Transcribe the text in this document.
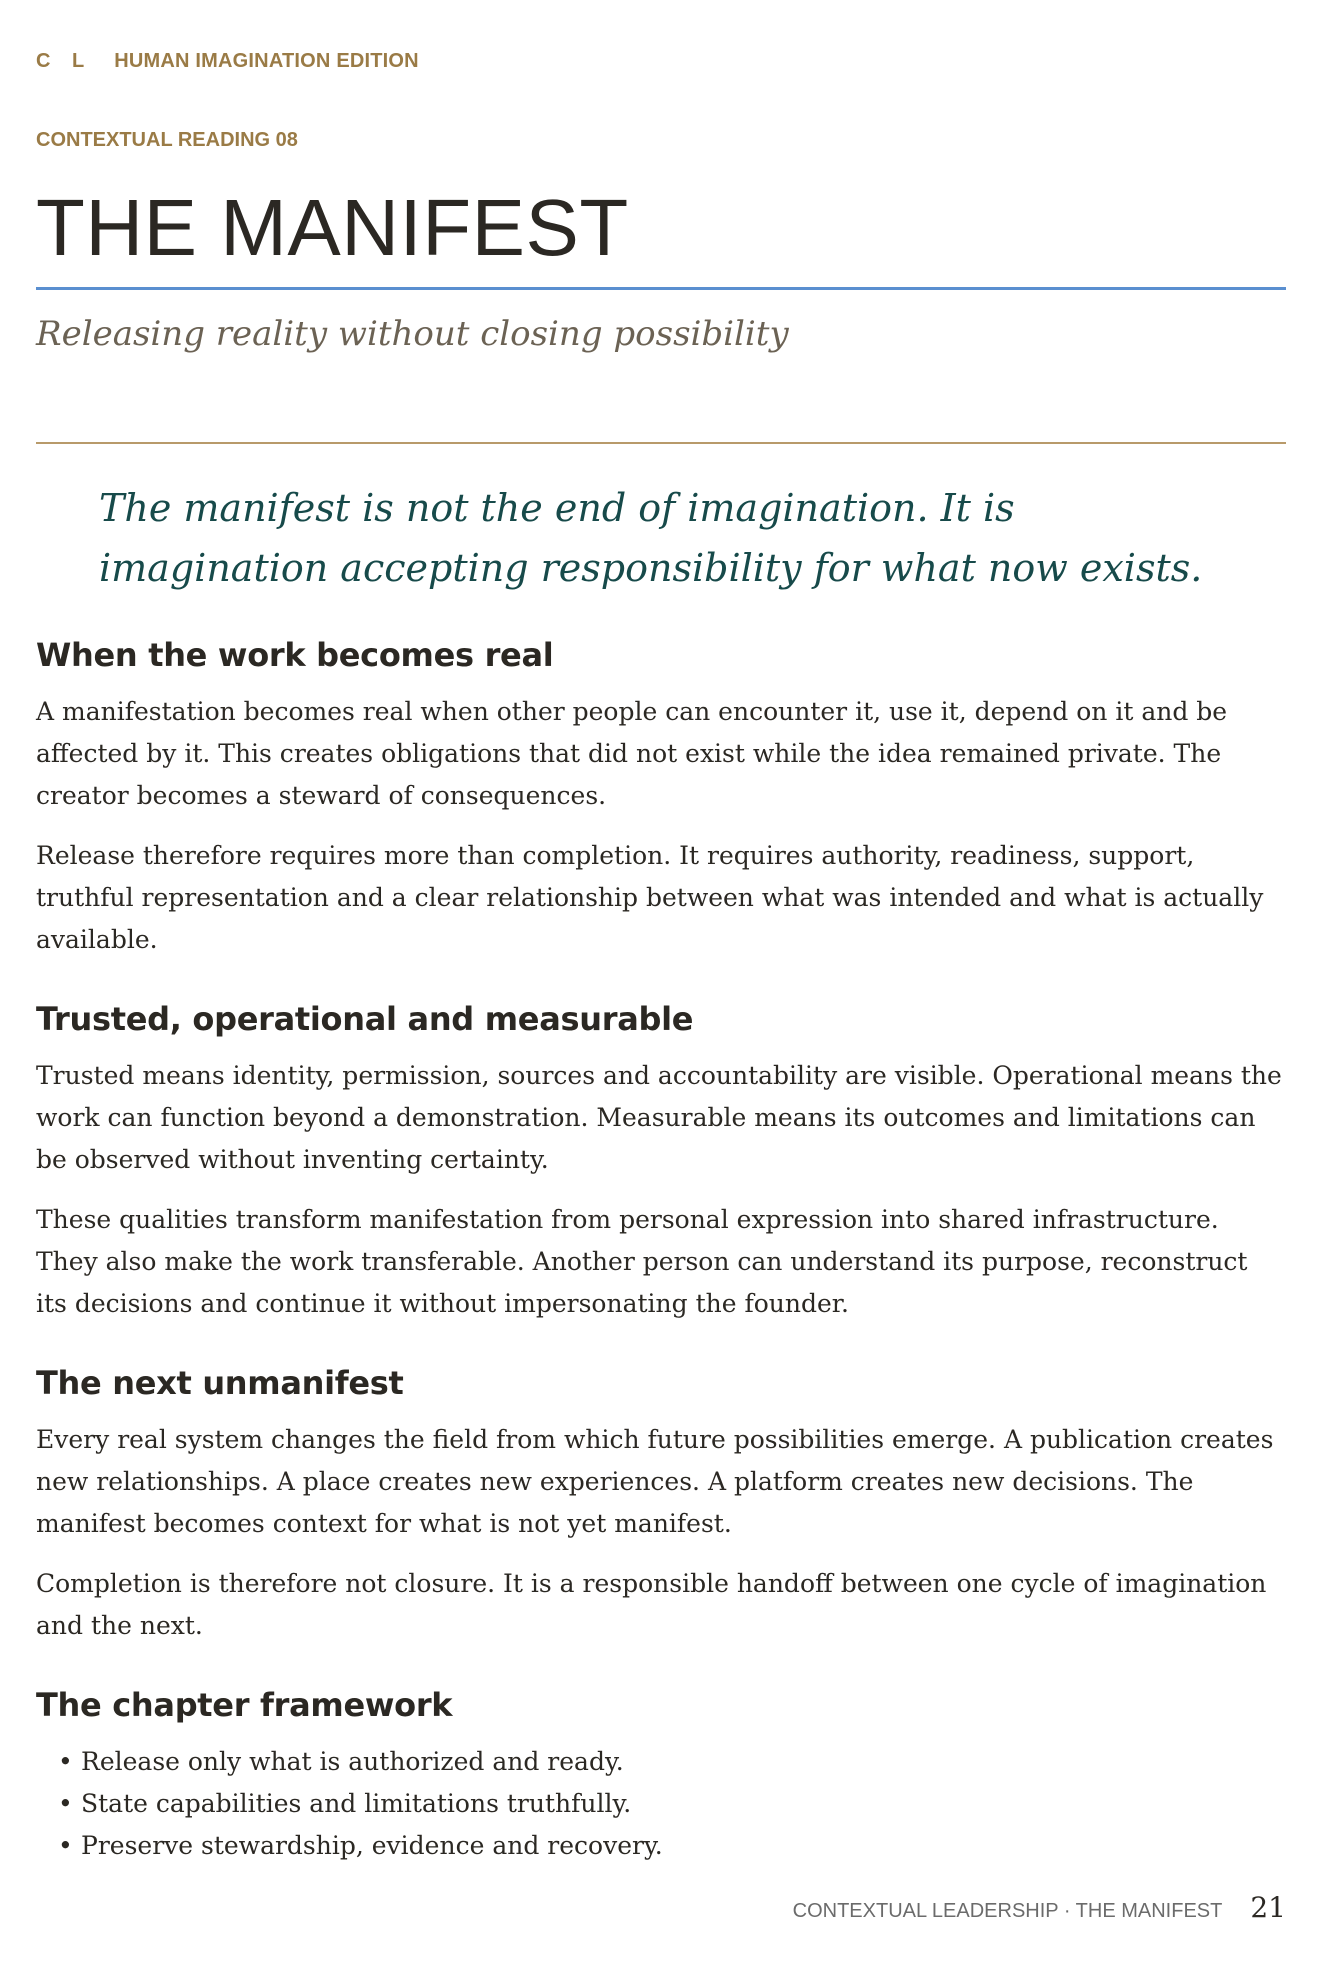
C L HUMAN IMAGINATION EDITION
CONTEXTUAL READING 08
THE MANIFEST
Releasing reality without closing possibility

The manifest is not the end of imagination. It is imagination accepting responsibility for what now exists.

When the work becomes real

A manifestation becomes real when other people can encounter it, use it, depend on it and be affected by it. This creates obligations that did not exist while the idea remained private. The creator becomes a steward of consequences.

Release therefore requires more than completion. It requires authority, readiness, support, truthful representation and a clear relationship between what was intended and what is actually available.

Trusted, operational and measurable

Trusted means identity, permission, sources and accountability are visible. Operational means the work can function beyond a demonstration. Measurable means its outcomes and limitations can be observed without inventing certainty.

These qualities transform manifestation from personal expression into shared infrastructure. They also make the work transferable. Another person can understand its purpose, reconstruct its decisions and continue it without impersonating the founder.

The next unmanifest

Every real system changes the field from which future possibilities emerge. A publication creates new relationships. A place creates new experiences. A platform creates new decisions. The manifest becomes context for what is not yet manifest.

Completion is therefore not closure. It is a responsible handoff between one cycle of imagination and the next.

The chapter framework
• Release only what is authorized and ready.
• State capabilities and limitations truthfully.
• Preserve stewardship, evidence and recovery.
CONTEXTUAL LEADERSHIP · THE MANIFEST 21
